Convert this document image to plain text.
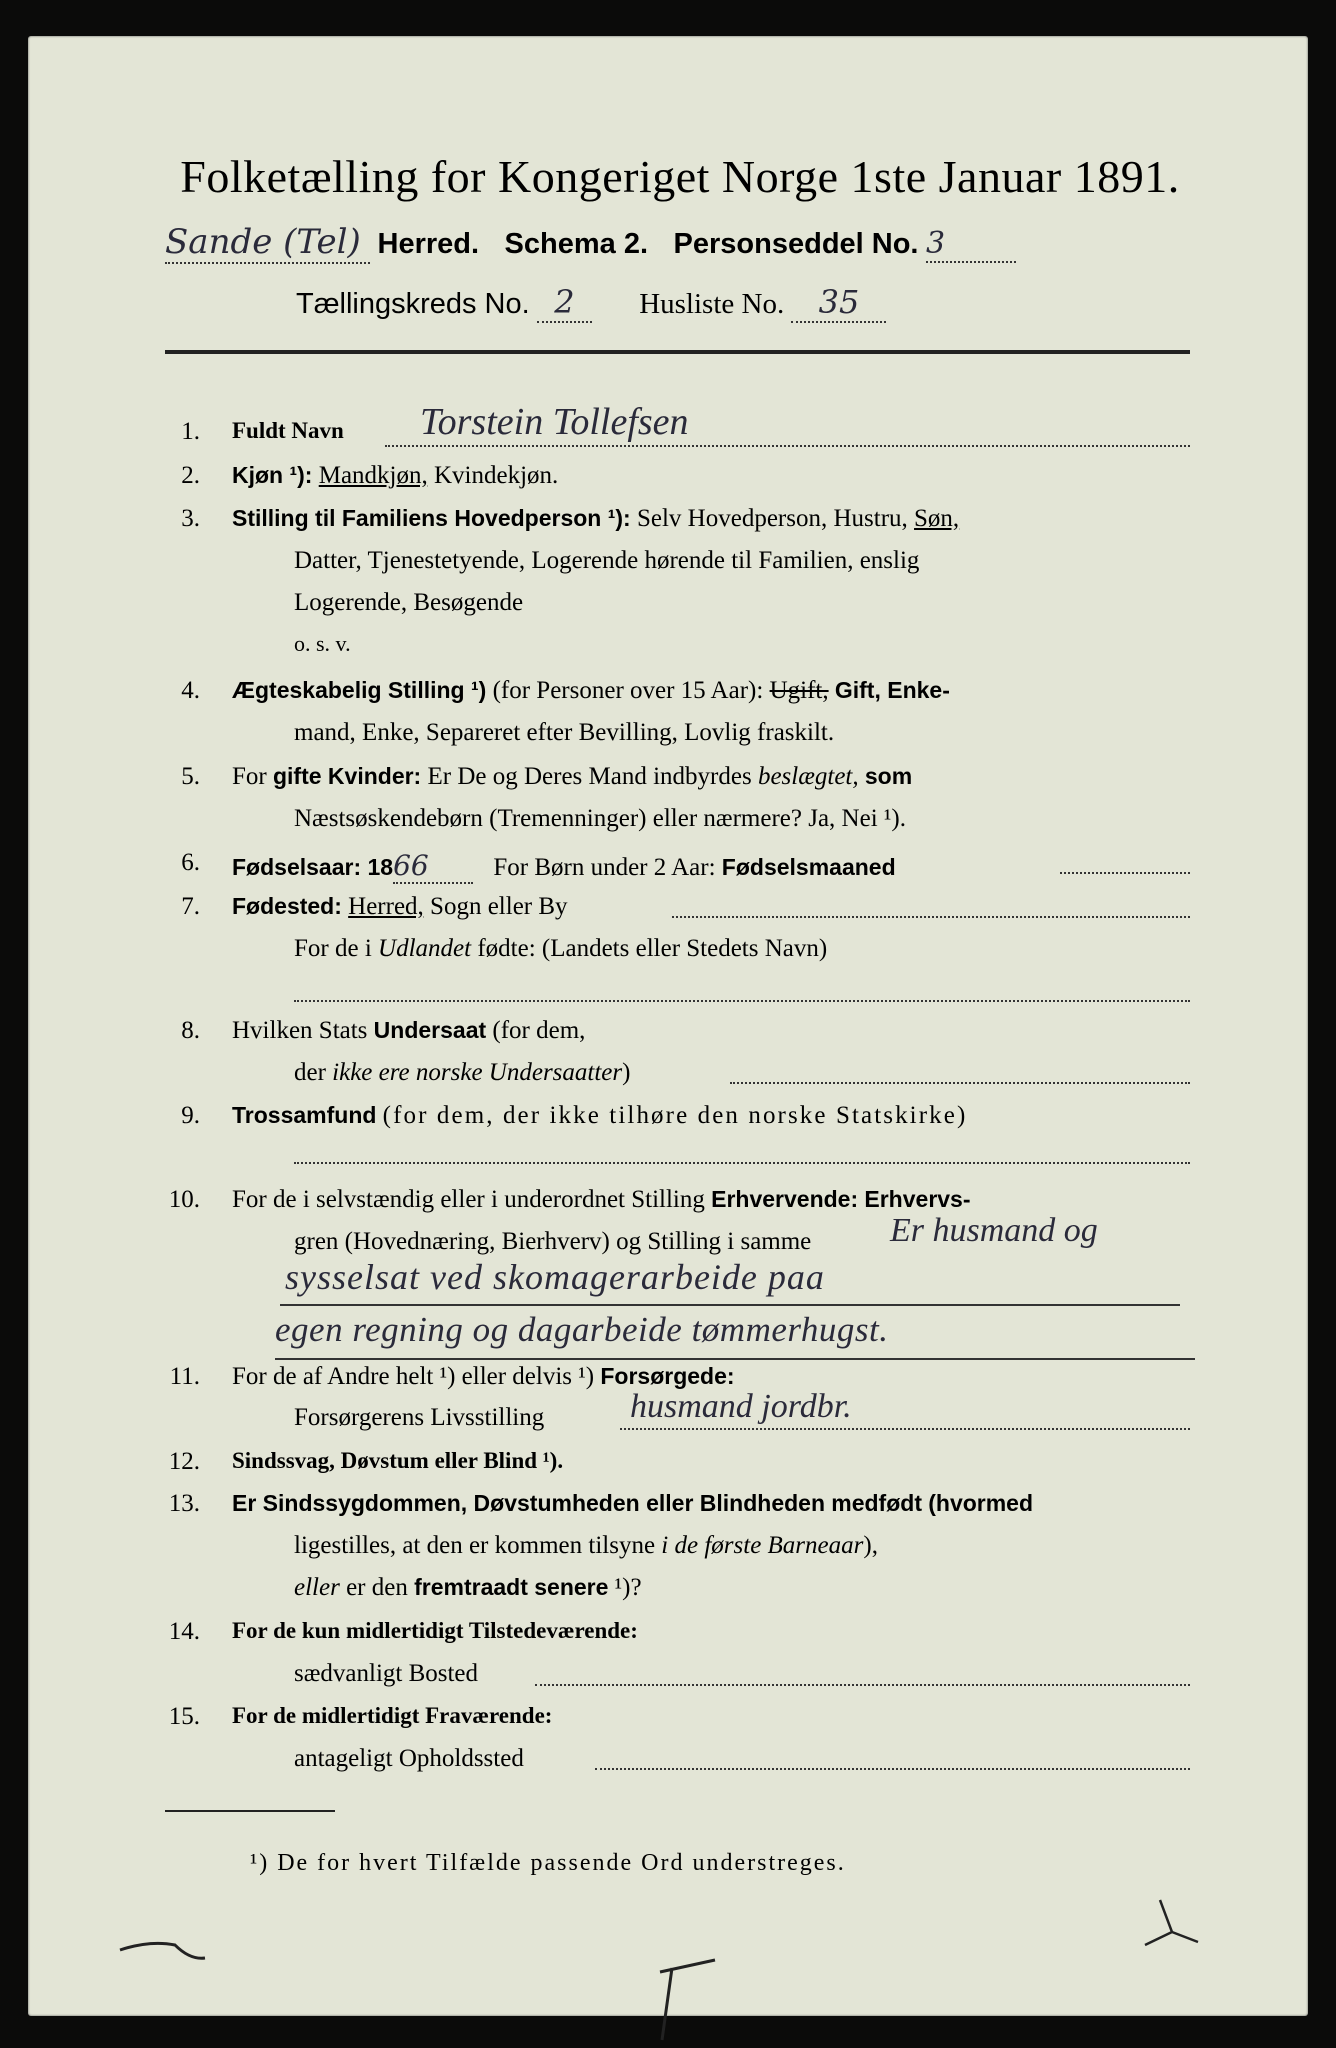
Folketælling for Kongeriget Norge 1ste Januar 1891.
Sande (Tel) Herred. Schema 2. Personseddel No. 3
Tællingskreds No. 2 Husliste No. 35
1. Fuldt Navn Torstein Tollefsen
2. Kjøn ¹): Mandkjøn, Kvindekjøn.
3. Stilling til Familiens Hovedperson ¹): Selv Hovedperson, Hustru, Søn,
Datter, Tjenestetyende, Logerende hørende til Familien, enslig
Logerende, Besøgende
o. s. v.
4. Ægteskabelig Stilling ¹) (for Personer over 15 Aar): Ugift, Gift, Enke-
mand, Enke, Separeret efter Bevilling, Lovlig fraskilt.
5. For gifte Kvinder: Er De og Deres Mand indbyrdes beslægtet, som
Næstsøskendebørn (Tremenninger) eller nærmere? Ja, Nei ¹).
6. Fødselsaar: 1866	For Børn under 2 Aar: Fødselsmaaned
7. Fødested: Herred, Sogn eller By
For de i Udlandet fødte: (Landets eller Stedets Navn)
8. Hvilken Stats Undersaat (for dem,
der ikke ere norske Undersaatter)
9. Trossamfund (for dem, der ikke tilhøre den norske Statskirke)
10. For de i selvstændig eller i underordnet Stilling Erhvervende: Erhvervs-
gren (Hovednæring, Bierhverv) og Stilling i samme Er husmand og
sysselsat ved skomagerarbeide paa
egen regning og dagarbeide tømmerhugst.
11. For de af Andre helt ¹) eller delvis ¹) Forsørgede:
Forsørgerens Livsstilling	husmand jordbr.
12. Sindssvag, Døvstum eller Blind ¹).
13. Er Sindssygdommen, Døvstumheden eller Blindheden medfødt (hvormed
ligestilles, at den er kommen tilsyne i de første Barneaar),
eller er den fremtraadt senere ¹)?
14. For de kun midlertidigt Tilstedeværende:
sædvanligt Bosted
15. For de midlertidigt Fraværende:
antageligt Opholdssted
¹) De for hvert Tilfælde passende Ord understreges.
